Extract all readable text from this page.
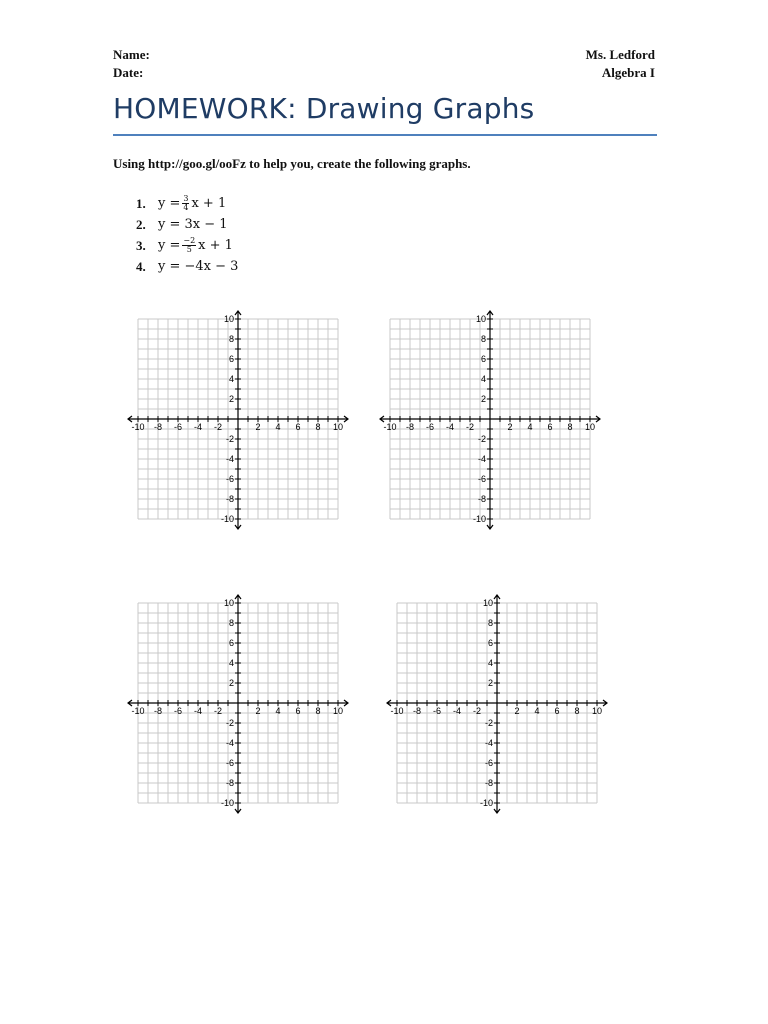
Name:	Ms. Ledford
Date:	Algebra I
HOMEWORK: Drawing Graphs
Using http://goo.gl/ooFz to help you, create the following graphs.
1. $y = \frac{3}{4}$ x + 1
2. y = 3 x − 1
3. $y = \frac{-2}{5}$ x + 1
4. y = −4 x − 3
-10 -8 -6 -4 -2	2 4 6 8 10
10
8
6
4
2
-2
-4
-6
-8
-10
-10 -8 -6 -4 -2	2 4 6 8 10
10
8
6
4
2
-2
-4
-6
-8
-10
-10 -8 -6 -4 -2	2 4 6 8 10
10
8
6
4
2
-2
-4
-6
-8
-10
-10 -8 -6 -4 -2	2 4 6 8 10
10
8
6
4
2
-2
-4
-6
-8
-10
